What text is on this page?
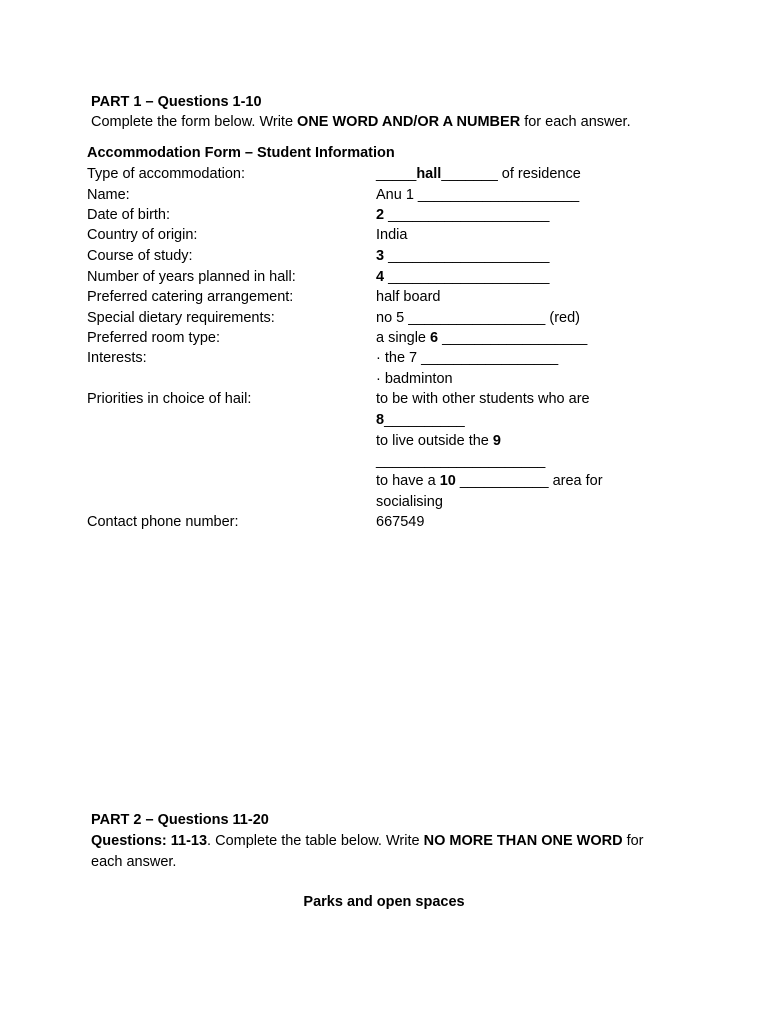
PART 1 – Questions 1-10
Complete the form below. Write ONE WORD AND/OR A NUMBER for each answer.
Accommodation Form – Student Information
Type of accommodation:	_____hall_______ of residence
Name:	Anu 1 ____________________
Date of birth:	2 ____________________
Country of origin:	India
Course of study:	3 ____________________
Number of years planned in hall:	4 ____________________
Preferred catering arrangement:	half board
Special dietary requirements:	no 5 _________________ (red)
Preferred room type:	a single 6 __________________
Interests:	· the 7 _________________
· badminton
Priorities in choice of hail:	to be with other students who are
8__________
to live outside the 9
_____________________
to have a 10 ___________ area for
socialising
Contact phone number:	667549
PART 2 – Questions 11-20
Questions: 11-13. Complete the table below. Write NO MORE THAN ONE WORD for
each answer.
Parks and open spaces
